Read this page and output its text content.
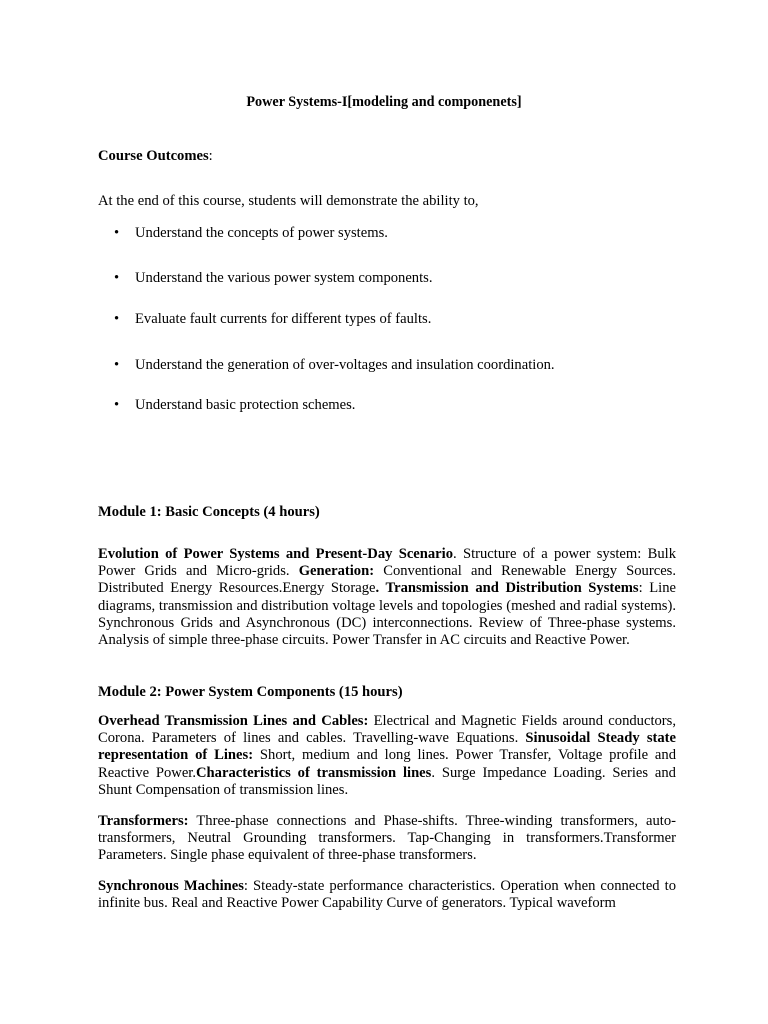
Power Systems-I[modeling and componenets]
Course Outcomes:
At the end of this course, students will demonstrate the ability to,
• Understand the concepts of power systems.
• Understand the various power system components.
• Evaluate fault currents for different types of faults.
• Understand the generation of over-voltages and insulation coordination.
• Understand basic protection schemes.
Module 1: Basic Concepts (4 hours)
Evolution of Power Systems and Present-Day Scenario. Structure of a power system: Bulk Power Grids and Micro-grids. Generation: Conventional and Renewable Energy Sources. Distributed Energy Resources.Energy Storage. Transmission and Distribution Systems: Line diagrams, transmission and distribution voltage levels and topologies (meshed and radial systems). Synchronous Grids and Asynchronous (DC) interconnections. Review of Three-phase systems. Analysis of simple three-phase circuits. Power Transfer in AC circuits and Reactive Power.
Module 2: Power System Components (15 hours)
Overhead Transmission Lines and Cables: Electrical and Magnetic Fields around conductors, Corona. Parameters of lines and cables. Travelling-wave Equations. Sinusoidal Steady state representation of Lines: Short, medium and long lines. Power Transfer, Voltage profile and Reactive Power.Characteristics of transmission lines. Surge Impedance Loading. Series and Shunt Compensation of transmission lines.
Transformers: Three-phase connections and Phase-shifts. Three-winding transformers, auto-transformers, Neutral Grounding transformers. Tap-Changing in transformers.Transformer Parameters. Single phase equivalent of three-phase transformers.
Synchronous Machines: Steady-state performance characteristics. Operation when connected to infinite bus. Real and Reactive Power Capability Curve of generators. Typical waveform
